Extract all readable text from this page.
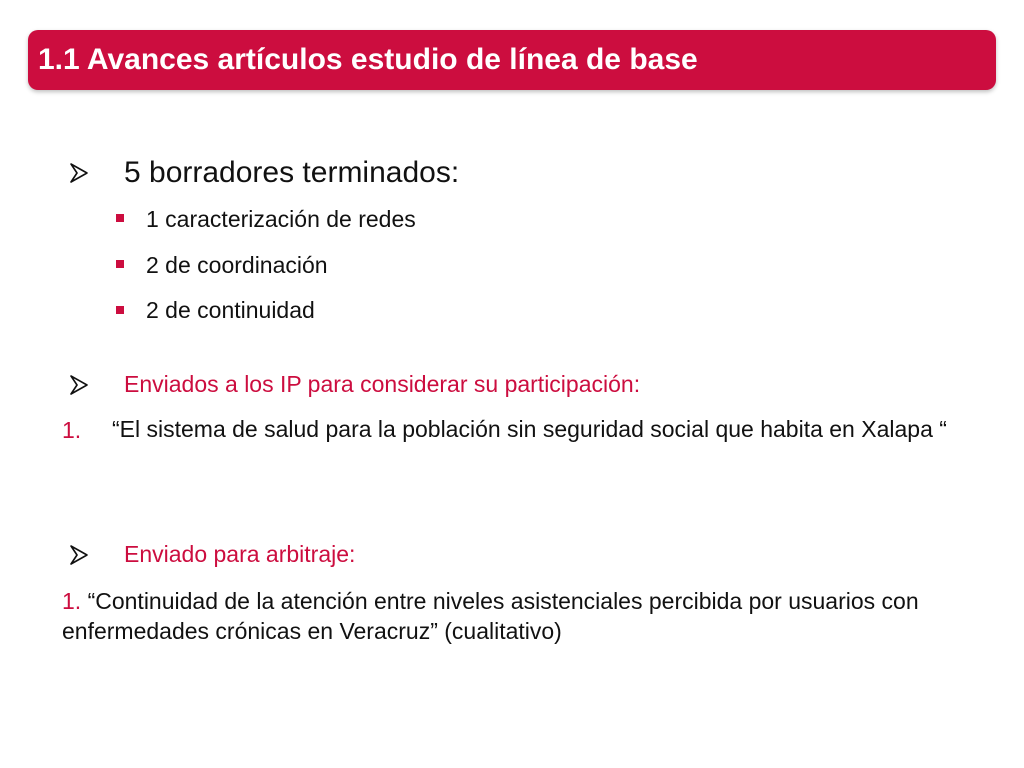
1.1 Avances artículos estudio de línea de base
5 borradores terminados:
1 caracterización de redes
2 de coordinación
2 de continuidad
Enviados a los IP para considerar su participación:
1. “El sistema de salud para la población sin seguridad social que habita en Xalapa “
Enviado para arbitraje:
1. “Continuidad de la atención entre niveles asistenciales percibida por usuarios con enfermedades crónicas en Veracruz” (cualitativo)
